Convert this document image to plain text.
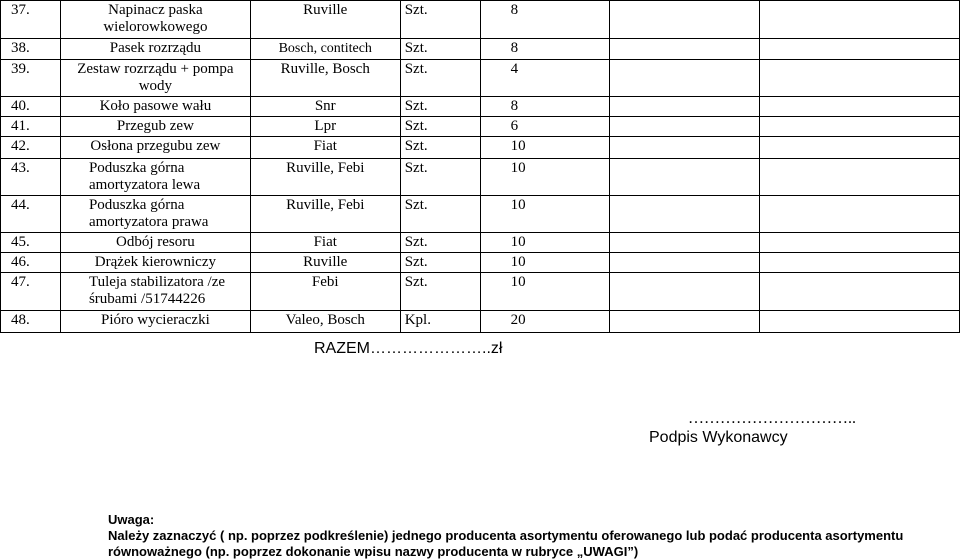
37.	Napinacz paska wielorowkowego	Ruville	Szt.	8		
38.	Pasek rozrządu	Bosch, contitech	Szt.	8		
39.	Zestaw rozrządu + pompa wody	Ruville, Bosch	Szt.	4		
40.	Koło pasowe wału	Snr	Szt.	8		
41.	Przegub zew	Lpr	Szt.	6		
42.	Osłona przegubu zew	Fiat	Szt.	10		
43.	Poduszka górna amortyzatora lewa	Ruville, Febi	Szt.	10		
44.	Poduszka górna amortyzatora prawa	Ruville, Febi	Szt.	10		
45.	Odbój resoru	Fiat	Szt.	10		
46.	Drążek kierowniczy	Ruville	Szt.	10		
47.	Tuleja stabilizatora /ze śrubami /51744226	Febi	Szt.	10		
48.	Pióro wycieraczki	Valeo, Bosch	Kpl.	20		
RAZEM…………………..zł
…………………………..
Podpis Wykonawcy
Uwaga:
Należy zaznaczyć ( np. poprzez podkreślenie) jednego producenta asortymentu oferowanego lub podać producenta asortymentu równoważnego (np. poprzez dokonanie wpisu nazwy producenta w rubryce „UWAGI”)
